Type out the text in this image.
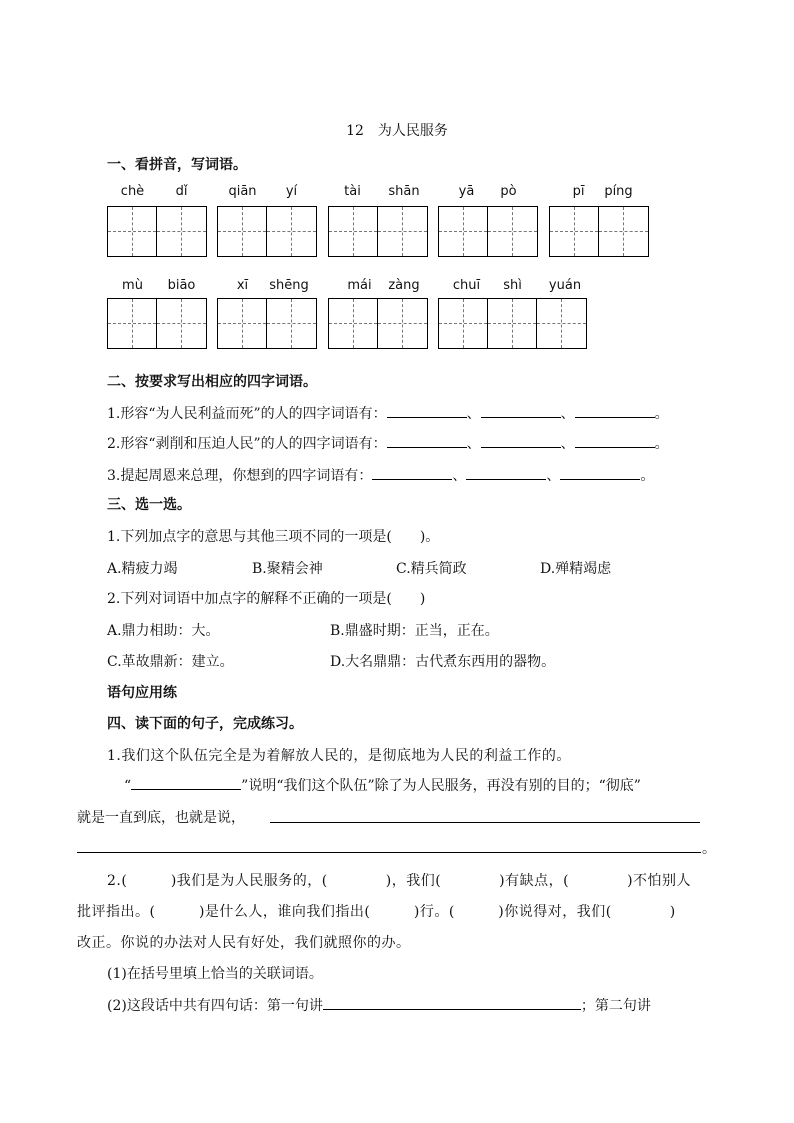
12　为人民服务
一、看拼音，写词语。
chè	dǐ	qiān	yí	tài	shān	yā	pò	pī	píng
mù	biāo	xī	shēng	mái	zàng	chuī	shì	yuán
二、按要求写出相应的四字词语。
1.形容“为人民利益而死”的人的四字词语有：	、	、	。
2.形容“剥削和压迫人民”的人的四字词语有：	、	、	。
3.提起周恩来总理，你想到的四字词语有：	、	、	。
三、选一选。
1.下列加点字的意思与其他三项不同的一项是(　　)。
A.精疲力竭	B.聚精会神	C.精兵简政	D.殚精竭虑
2.下列对词语中加点字的解释不正确的一项是(　　)
A.鼎力相助：大。	B.鼎盛时期：正当，正在。
C.革故鼎新：建立。	D.大名鼎鼎：古代煮东西用的器物。
语句应用练
四、读下面的句子，完成练习。
1.我们这个队伍完全是为着解放人民的，是彻底地为人民的利益工作的。
“	”说明“我们这个队伍”除了为人民服务，再没有别的目的；“彻底”
就是一直到底，也就是说，
。
2.(　　　)我们是为人民服务的，(　　　　)，我们(　　　　)有缺点，(　　　　)不怕别人
批评指出。(　　　)是什么人，谁向我们指出(　　　)行。(　　　)你说得对，我们(　　　　)
改正。你说的办法对人民有好处，我们就照你的办。
(1)在括号里填上恰当的关联词语。
(2)这段话中共有四句话：第一句讲	；第二句讲
